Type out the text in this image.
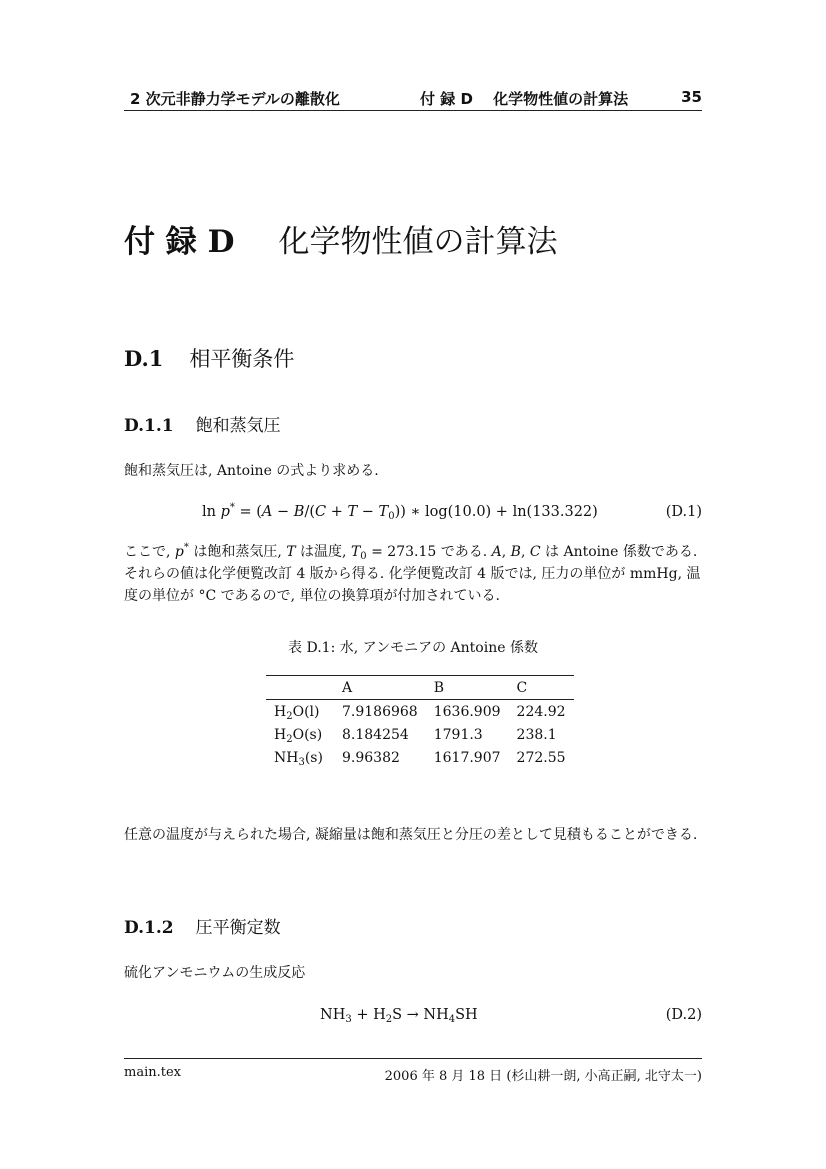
2 次元非静力学モデルの離散化	付 録 D　 化学物性値の計算法	35
付 録 D 化学物性値の計算法
D.1 相平衡条件
D.1.1 飽和蒸気圧
飽和蒸気圧は, Antoine の式より求める.
$\ln p^* = (A - B/(C + T - T_0))$ ∗ log(10.0) + ln(133.322)	(D.1)
ここで, p* は飽和蒸気圧, T は温度, $T_0 = 273.15$ である. A, B, C は Antoine 係数である. それらの値は化学便覧改訂 4 版から得る. 化学便覧改訂 4 版では, 圧力の単位が mmHg, 温度の単位が °C であるので, 単位の換算項が付加されている.
表 D.1: 水, アンモニアの Antoine 係数
	A	B	C
$H_2O(l)$	7.9186968	1636.909	224.92
$H_2O(s)$	8.184254	1791.3	238.1
$NH_3(s)$	9.96382	1617.907	272.55
任意の温度が与えられた場合, 凝縮量は飽和蒸気圧と分圧の差として見積もることができる.
D.1.2 圧平衡定数
硫化アンモニウムの生成反応
$NH_3 + H_2S \to NH_4SH$	(D.2)
main.tex	2006 年 8 月 18 日 (杉山耕一朗, 小高正嗣, 北守太一)
